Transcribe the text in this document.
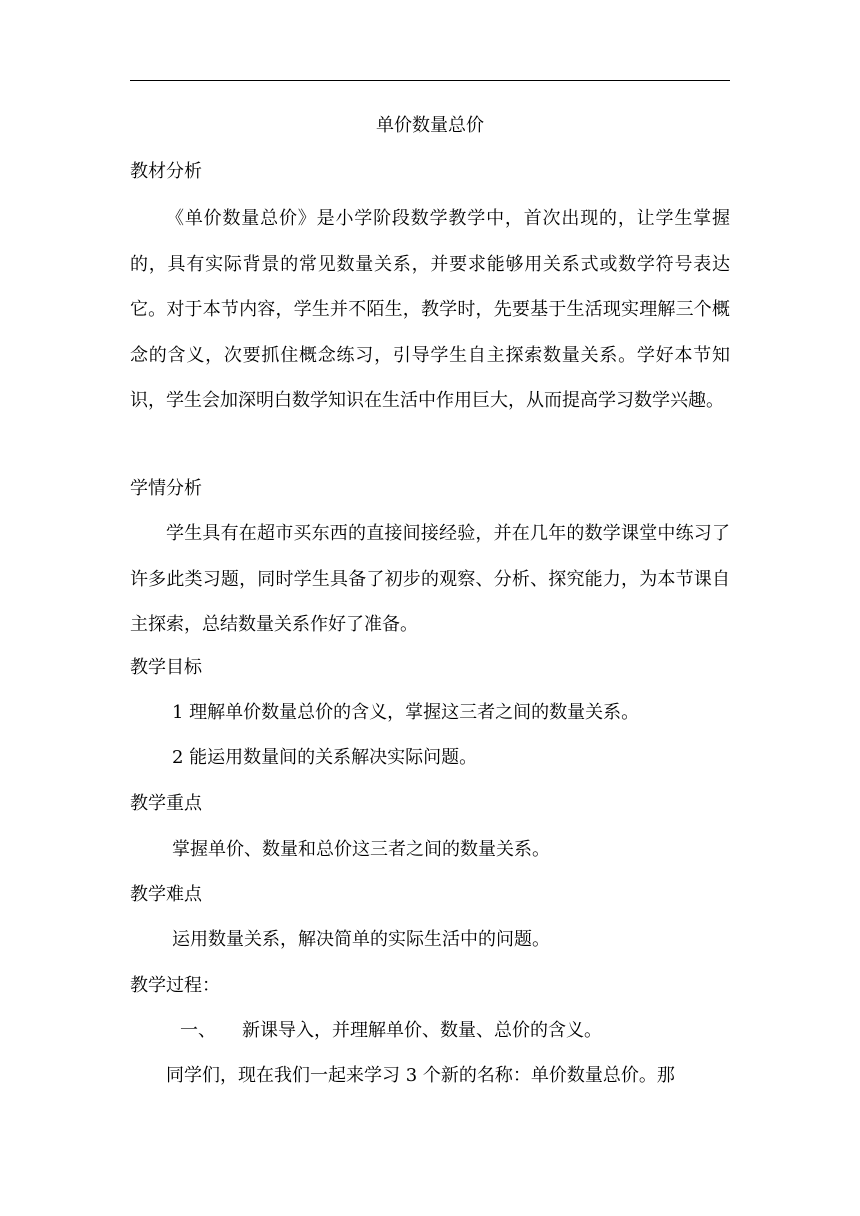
单价数量总价
教材分析
《单价数量总价》是小学阶段数学教学中，首次出现的，让学生掌握的，具有实际背景的常见数量关系，并要求能够用关系式或数学符号表达它。对于本节内容，学生并不陌生，教学时，先要基于生活现实理解三个概念的含义，次要抓住概念练习，引导学生自主探索数量关系。学好本节知识，学生会加深明白数学知识在生活中作用巨大，从而提高学习数学兴趣。
学情分析
学生具有在超市买东西的直接间接经验，并在几年的数学课堂中练习了许多此类习题，同时学生具备了初步的观察、分析、探究能力，为本节课自主探索，总结数量关系作好了准备。
教学目标
1 理解单价数量总价的含义，掌握这三者之间的数量关系。
2 能运用数量间的关系解决实际问题。
教学重点
掌握单价、数量和总价这三者之间的数量关系。
教学难点
运用数量关系，解决简单的实际生活中的问题。
教学过程：
一、 新课导入，并理解单价、数量、总价的含义。
同学们，现在我们一起来学习 3 个新的名称：单价数量总价。那
